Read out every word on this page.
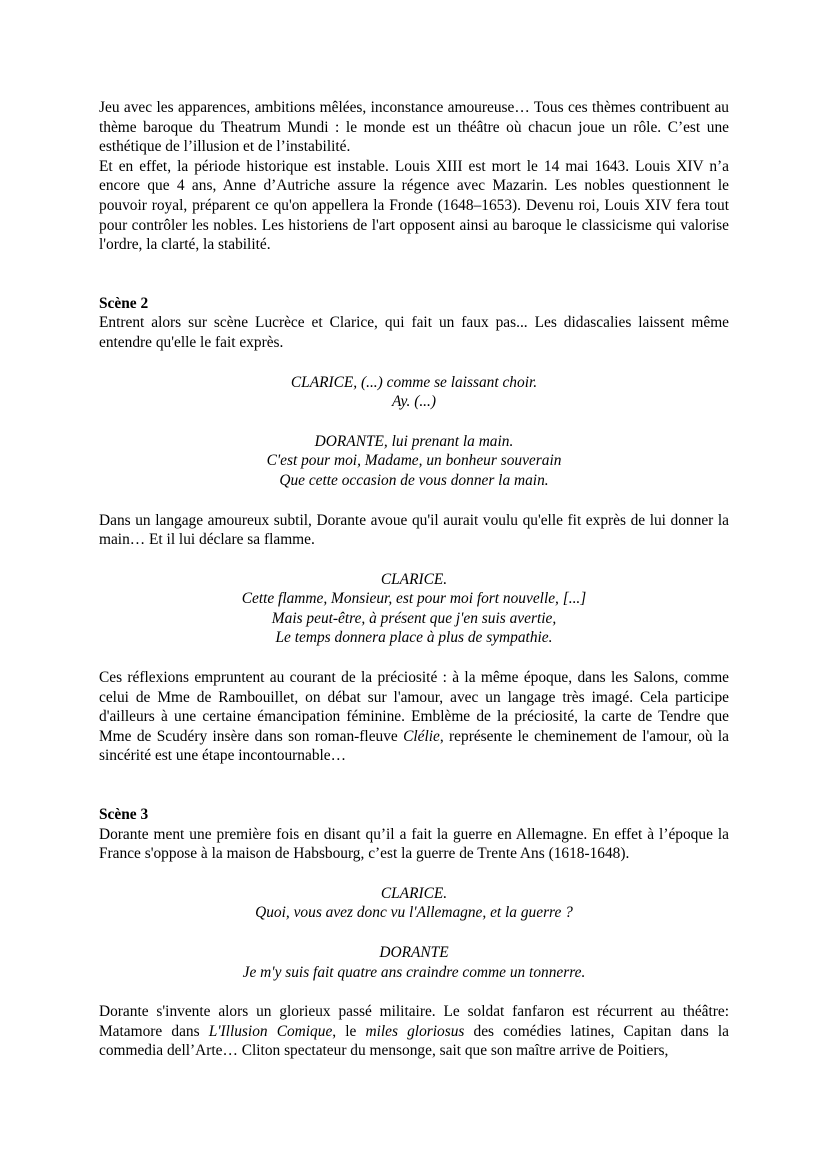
Jeu avec les apparences, ambitions mêlées, inconstance amoureuse… Tous ces thèmes contribuent au thème baroque du Theatrum Mundi : le monde est un théâtre où chacun joue un rôle. C’est une esthétique de l’illusion et de l’instabilité.

Et en effet, la période historique est instable. Louis XIII est mort le 14 mai 1643. Louis XIV n’a encore que 4 ans, Anne d’Autriche assure la régence avec Mazarin. Les nobles questionnent le pouvoir royal, préparent ce qu'on appellera la Fronde (1648–1653). Devenu roi, Louis XIV fera tout pour contrôler les nobles. Les historiens de l'art opposent ainsi au baroque le classicisme qui valorise l'ordre, la clarté, la stabilité.

Scène 2

Entrent alors sur scène Lucrèce et Clarice, qui fait un faux pas... Les didascalies laissent même entendre qu'elle le fait exprès.

CLARICE, (...) comme se laissant choir.
Ay. (...)
DORANTE, lui prenant la main.
C'est pour moi, Madame, un bonheur souverain
Que cette occasion de vous donner la main.

Dans un langage amoureux subtil, Dorante avoue qu'il aurait voulu qu'elle fit exprès de lui donner la main… Et il lui déclare sa flamme.

CLARICE.
Cette flamme, Monsieur, est pour moi fort nouvelle, [...]
Mais peut-être, à présent que j'en suis avertie,
Le temps donnera place à plus de sympathie.

Ces réflexions empruntent au courant de la préciosité : à la même époque, dans les Salons, comme celui de Mme de Rambouillet, on débat sur l'amour, avec un langage très imagé. Cela participe d'ailleurs à une certaine émancipation féminine. Emblème de la préciosité, la carte de Tendre que Mme de Scudéry insère dans son roman-fleuve Clélie, représente le cheminement de l'amour, où la sincérité est une étape incontournable…

Scène 3

Dorante ment une première fois en disant qu’il a fait la guerre en Allemagne. En effet à l’époque la France s'oppose à la maison de Habsbourg, c’est la guerre de Trente Ans (1618-1648).

CLARICE.
Quoi, vous avez donc vu l'Allemagne, et la guerre ?
DORANTE
Je m'y suis fait quatre ans craindre comme un tonnerre.

Dorante s'invente alors un glorieux passé militaire. Le soldat fanfaron est récurrent au théâtre: Matamore dans L'Illusion Comique, le miles gloriosus des comédies latines, Capitan dans la commedia dell’Arte… Cliton spectateur du mensonge, sait que son maître arrive de Poitiers,
